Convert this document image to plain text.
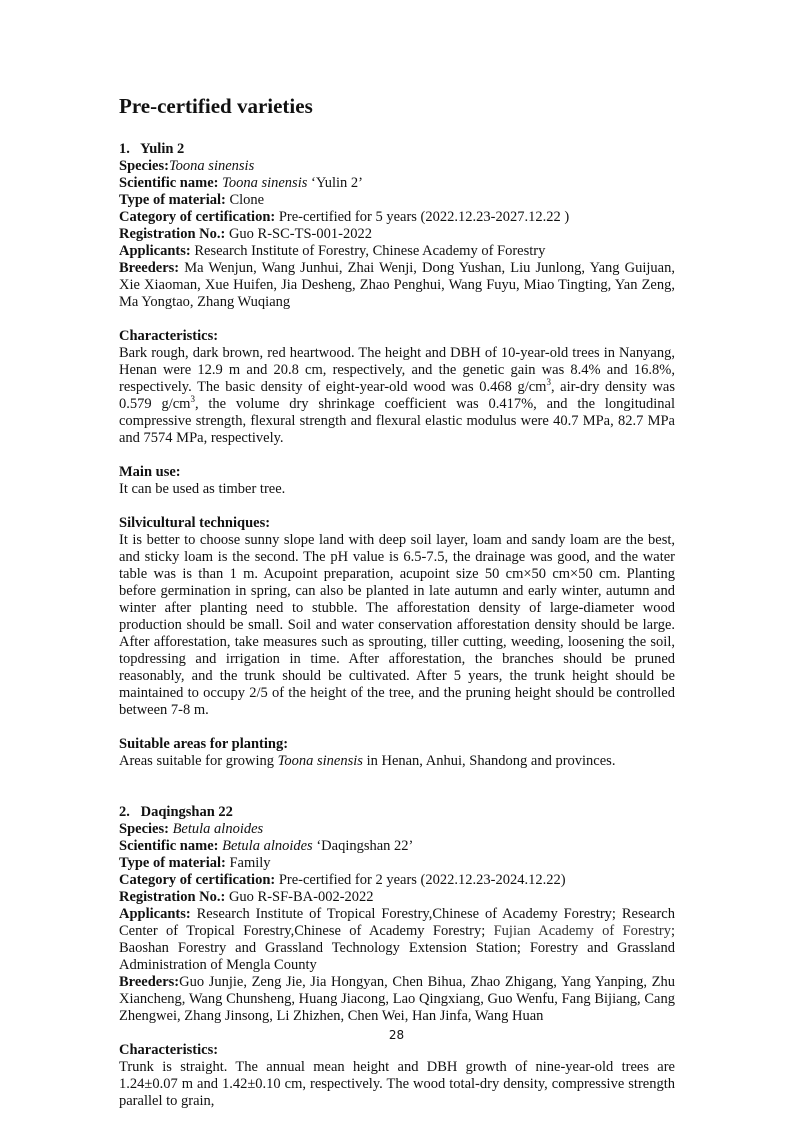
Pre-certified varieties
1. Yulin 2

Species:Toona sinensis

Scientific name: Toona sinensis ‘Yulin 2’

Type of material: Clone

Category of certification: Pre-certified for 5 years (2022.12.23-2027.12.22 )

Registration No.: Guo R-SC-TS-001-2022

Applicants: Research Institute of Forestry, Chinese Academy of Forestry

Breeders: Ma Wenjun, Wang Junhui, Zhai Wenji, Dong Yushan, Liu Junlong, Yang Guijuan, Xie Xiaoman, Xue Huifen, Jia Desheng, Zhao Penghui, Wang Fuyu, Miao Tingting, Yan Zeng, Ma Yongtao, Zhang Wuqiang

Characteristics:

Bark rough, dark brown, red heartwood. The height and DBH of 10-year-old trees in Nanyang, Henan were 12.9 m and 20.8 cm, respectively, and the genetic gain was 8.4% and 16.8%, respectively. The basic density of eight-year-old wood was 0.468 $g/cm^3$, air-dry density was 0.579 $g/cm^3$, the volume dry shrinkage coefficient was 0.417%, and the longitudinal compressive strength, flexural strength and flexural elastic modulus were 40.7 MPa, 82.7 MPa and 7574 MPa, respectively.

Main use:

It can be used as timber tree.

Silvicultural techniques:

It is better to choose sunny slope land with deep soil layer, loam and sandy loam are the best, and sticky loam is the second. The pH value is 6.5-7.5, the drainage was good, and the water table was is than 1 m. Acupoint preparation, acupoint size 50 cm×50 cm×50 cm. Planting before germination in spring, can also be planted in late autumn and early winter, autumn and winter after planting need to stubble. The afforestation density of large-diameter wood production should be small. Soil and water conservation afforestation density should be large. After afforestation, take measures such as sprouting, tiller cutting, weeding, loosening the soil, topdressing and irrigation in time. After afforestation, the branches should be pruned reasonably, and the trunk should be cultivated. After 5 years, the trunk height should be maintained to occupy 2/5 of the height of the tree, and the pruning height should be controlled between 7-8 m.

Suitable areas for planting:

Areas suitable for growing Toona sinensis in Henan, Anhui, Shandong and provinces.

2. Daqingshan 22

Species: Betula alnoides

Scientific name: Betula alnoides ‘Daqingshan 22’

Type of material: Family

Category of certification: Pre-certified for 2 years (2022.12.23-2024.12.22)

Registration No.: Guo R-SF-BA-002-2022

Applicants: Research Institute of Tropical Forestry,Chinese of Academy Forestry; Research Center of Tropical Forestry,Chinese of Academy Forestry; Fujian Academy of Forestry; Baoshan Forestry and Grassland Technology Extension Station; Forestry and Grassland Administration of Mengla County

Breeders:Guo Junjie, Zeng Jie, Jia Hongyan, Chen Bihua, Zhao Zhigang, Yang Yanping, Zhu Xiancheng, Wang Chunsheng, Huang Jiacong, Lao Qingxiang, Guo Wenfu, Fang Bijiang, Cang Zhengwei, Zhang Jinsong, Li Zhizhen, Chen Wei, Han Jinfa, Wang Huan

Characteristics:

Trunk is straight. The annual mean height and DBH growth of nine-year-old trees are 1.24±0.07 m and 1.42±0.10 cm, respectively. The wood total-dry density, compressive strength parallel to grain,

28
